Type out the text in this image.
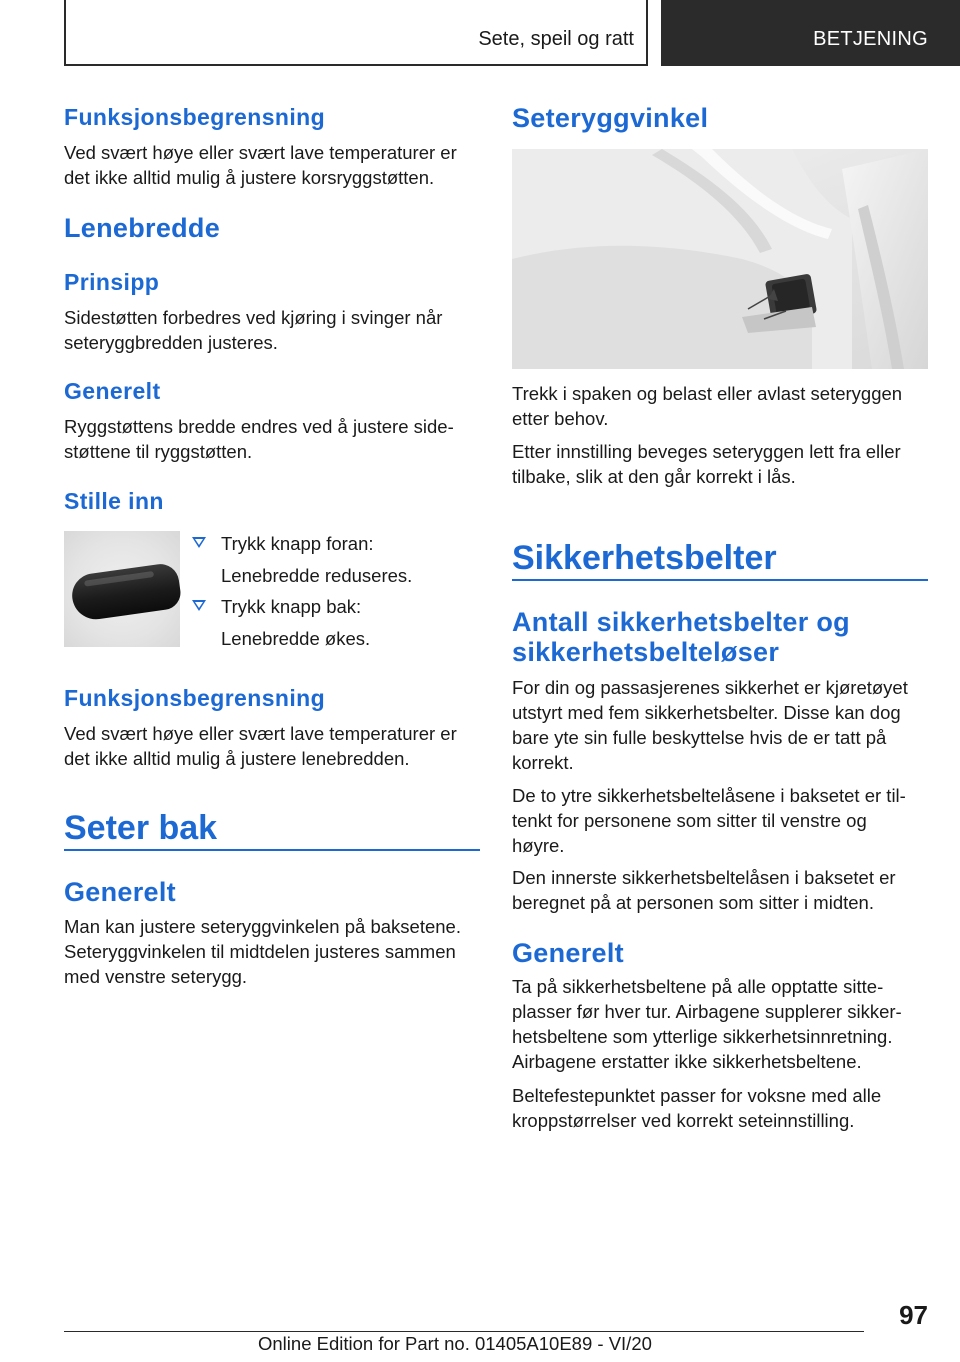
Sete, speil og ratt	BETJENING
Funksjonsbegrensning
Ved svært høye eller svært lave temperaturer er
det ikke alltid mulig å justere korsryggstøtten.
Lenebredde
Prinsipp
Sidestøtten forbedres ved kjøring i svinger når
seteryggbredden justeres.
Generelt
Ryggstøttens bredde endres ved å justere side-
støttene til ryggstøtten.
Stille inn
Trykk knapp foran:
Lenebredde reduseres.
Trykk knapp bak:
Lenebredde økes.
Funksjonsbegrensning
Ved svært høye eller svært lave temperaturer er
det ikke alltid mulig å justere lenebredden.
Seter bak
Generelt
Man kan justere seteryggvinkelen på baksetene.
Seteryggvinkelen til midtdelen justeres sammen
med venstre seterygg.
Seteryggvinkel
Trekk i spaken og belast eller avlast seteryggen
etter behov.
Etter innstilling beveges seteryggen lett fra eller
tilbake, slik at den går korrekt i lås.
Sikkerhetsbelter
Antall sikkerhetsbelter og
sikkerhetsbelteløser
For din og passasjerenes sikkerhet er kjøretøyet
utstyrt med fem sikkerhetsbelter. Disse kan dog
bare yte sin fulle beskyttelse hvis de er tatt på
korrekt.
De to ytre sikkerhetsbeltelåsene i baksetet er til-
tenkt for personene som sitter til venstre og
høyre.
Den innerste sikkerhetsbeltelåsen i baksetet er
beregnet på at personen som sitter i midten.
Generelt
Ta på sikkerhetsbeltene på alle opptatte sitte-
plasser før hver tur. Airbagene supplerer sikker-
hetsbeltene som ytterlige sikkerhetsinnretning.
Airbagene erstatter ikke sikkerhetsbeltene.
Beltefestepunktet passer for voksne med alle
kroppstørrelser ved korrekt seteinnstilling.
97
Online Edition for Part no. 01405A10E89 - VI/20
